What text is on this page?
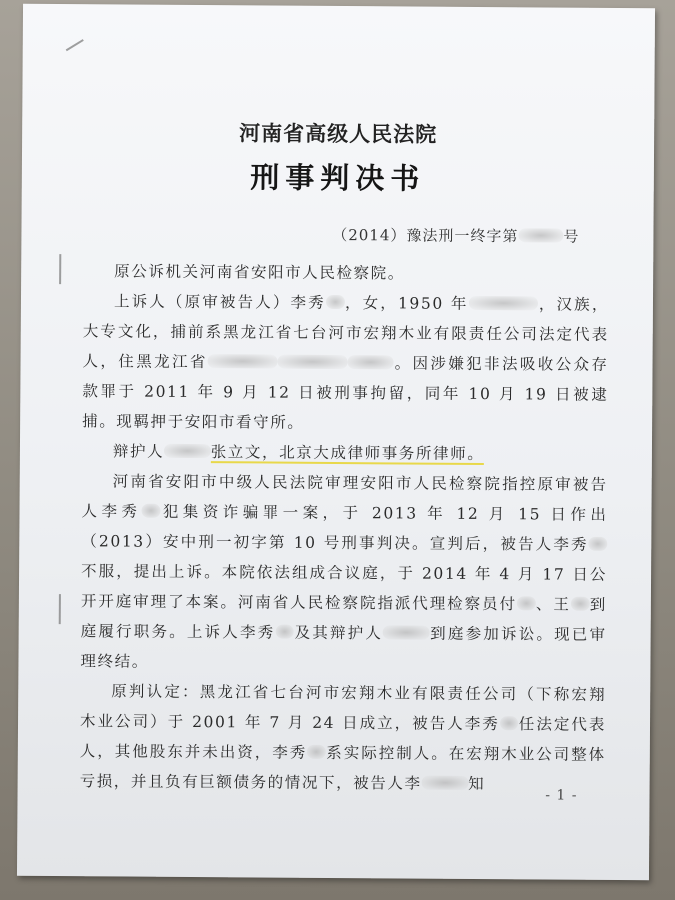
河南省高级人民法院
刑事判决书
（2014）豫法刑一终字第	号

原公诉机关河南省安阳市人民检察院。

上诉人（原审被告人）李秀 ，女，1950 年	，汉族，大专文化，捕前系黑龙江省七台河市宏翔木业有限责任公司法定代表人，住黑龙江省	。因涉嫌犯非法吸收公众存款罪于 2011 年 9 月 12 日被刑事拘留，同年 10 月 19 日被逮捕。现羁押于安阳市看守所。

辩护人	张立文，北京大成律师事务所律师。

河南省安阳市中级人民法院审理安阳市人民检察院指控原审被告人李秀 犯集资诈骗罪一案，于 2013 年 12 月 15 日作出（2013）安中刑一初字第 10 号刑事判决。宣判后，被告人李秀不服，提出上诉。本院依法组成合议庭，于 2014 年 4 月 17 日公开开庭审理了本案。河南省人民检察院指派代理检察员付 、王 到庭履行职务。上诉人李秀 及其辩护人	到庭参加诉讼。现已审理终结。

原判认定：黑龙江省七台河市宏翔木业有限责任公司（下称宏翔木业公司）于 2001 年 7 月 24 日成立，被告人李秀 任法定代表人，其他股东并未出资，李秀 系实际控制人。在宏翔木业公司整体亏损，并且负有巨额债务的情况下，被告人李	知

- 1 -
